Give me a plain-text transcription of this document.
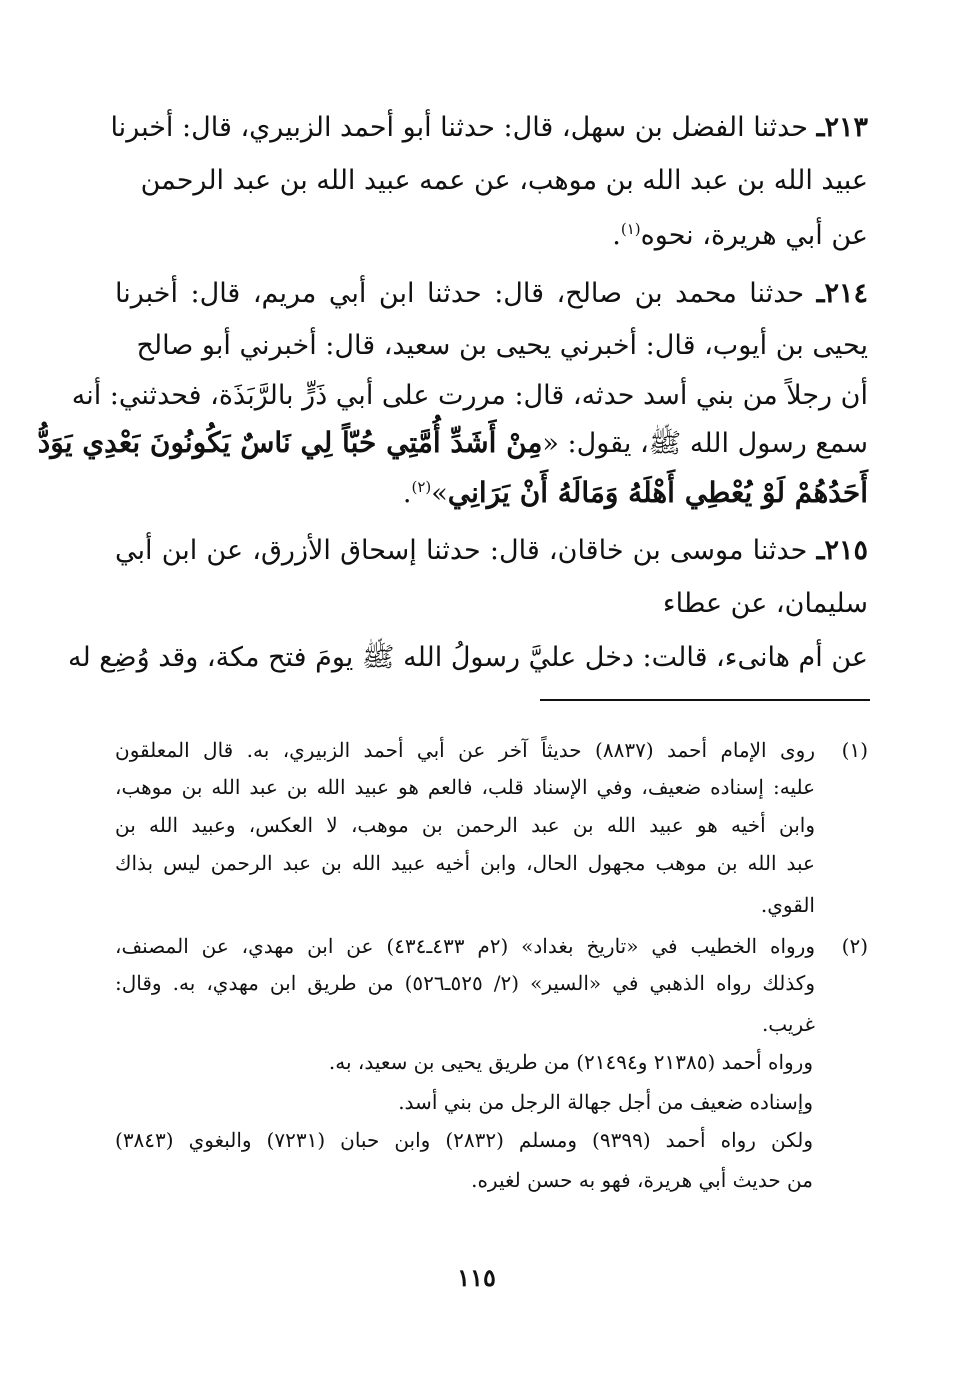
٢١٣ـ حدثنا الفضل بن سهل، قال: حدثنا أبو أحمد الزبيري، قال: أخبرنا
عبيد الله بن عبد الله بن موهب، عن عمه عبيد الله بن عبد الرحمن
عن أبي هريرة، نحوه$^{(١)}$.
٢١٤ـ حدثنا محمد بن صالح، قال: حدثنا ابن أبي مريم، قال: أخبرنا
يحيى بن أيوب، قال: أخبرني يحيى بن سعيد، قال: أخبرني أبو صالح
أن رجلاً من بني أسد حدثه، قال: مررت على أبي ذَرٍّ بالرَّبَذَة، فحدثني: أنه
سمع رسول الله ﷺ، يقول: «مِنْ أَشَدِّ أُمَّتِي حُبّاً لِي نَاسٌ يَكُونُونَ بَعْدِي يَوَدُّ
أَحَدُهُمْ لَوْ يُعْطِي أَهْلَهُ وَمَالَهُ أَنْ يَرَانِي»$^{(٢)}$.
٢١٥ـ حدثنا موسى بن خاقان، قال: حدثنا إسحاق الأزرق، عن ابن أبي
سليمان، عن عطاء
عن أم هانىء، قالت: دخل عليَّ رسولُ الله ﷺ يومَ فتح مكة، وقد وُضِع له
(١)
روى الإمام أحمد (٨٨٣٧) حديثاً آخر عن أبي أحمد الزبيري، به. قال المعلقون
عليه: إسناده ضعيف، وفي الإسناد قلب، فالعم هو عبيد الله بن عبد الله بن موهب،
وابن أخيه هو عبيد الله بن عبد الرحمن بن موهب، لا العكس، وعبيد الله بن
عبد الله بن موهب مجهول الحال، وابن أخيه عبيد الله بن عبد الرحمن ليس بذاك
القوي.
(٢)
ورواه الخطيب في «تاريخ بغداد» (٢م ٤٣٣ـ٤٣٤) عن ابن مهدي، عن المصنف،
وكذلك رواه الذهبي في «السير» (٢/ ٥٢٥ـ٥٢٦) من طريق ابن مهدي، به. وقال:
غريب.
ورواه أحمد (٢١٣٨٥ و٢١٤٩٤) من طريق يحيى بن سعيد، به.
وإسناده ضعيف من أجل جهالة الرجل من بني أسد.
ولكن رواه أحمد (٩٣٩٩) ومسلم (٢٨٣٢) وابن حبان (٧٢٣١) والبغوي (٣٨٤٣)
من حديث أبي هريرة، فهو به حسن لغيره.
١١٥
